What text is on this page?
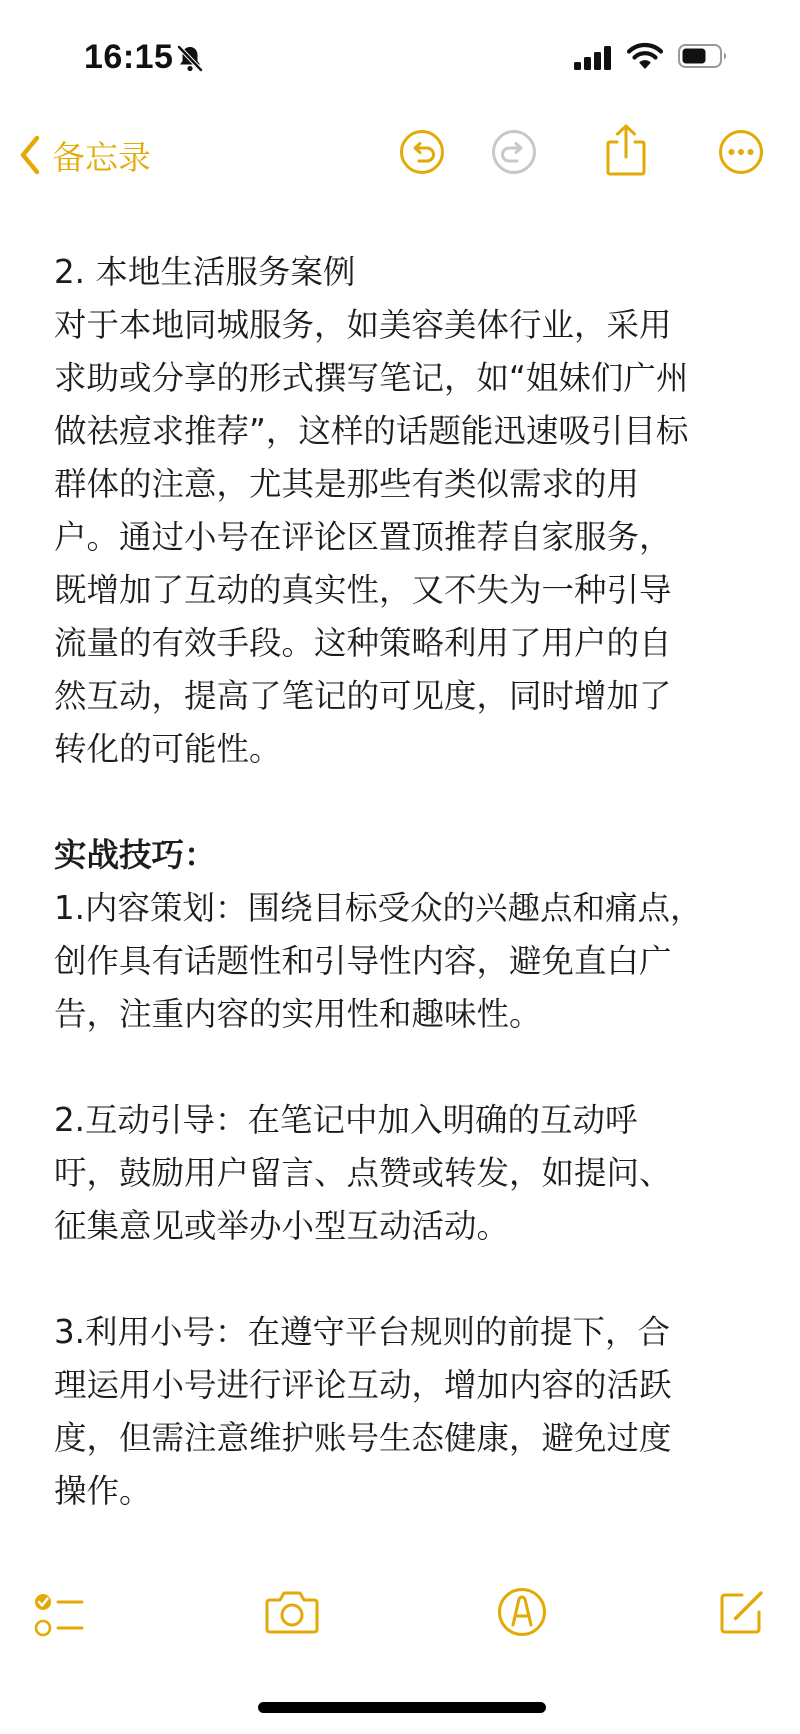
16:15
备忘录
2. 本地生活服务案例
对于本地同城服务，如美容美体行业，采用
求助或分享的形式撰写笔记，如“姐妹们广州
做祛痘求推荐”，这样的话题能迅速吸引目标
群体的注意，尤其是那些有类似需求的用
户。通过小号在评论区置顶推荐自家服务，
既增加了互动的真实性，又不失为一种引导
流量的有效手段。这种策略利用了用户的自
然互动，提高了笔记的可见度，同时增加了
转化的可能性。
实战技巧：
1.内容策划：围绕目标受众的兴趣点和痛点，
创作具有话题性和引导性内容，避免直白广
告，注重内容的实用性和趣味性。
2.互动引导：在笔记中加入明确的互动呼
吁，鼓励用户留言、点赞或转发，如提问、
征集意见或举办小型互动活动。
3.利用小号：在遵守平台规则的前提下，合
理运用小号进行评论互动，增加内容的活跃
度，但需注意维护账号生态健康，避免过度
操作。
